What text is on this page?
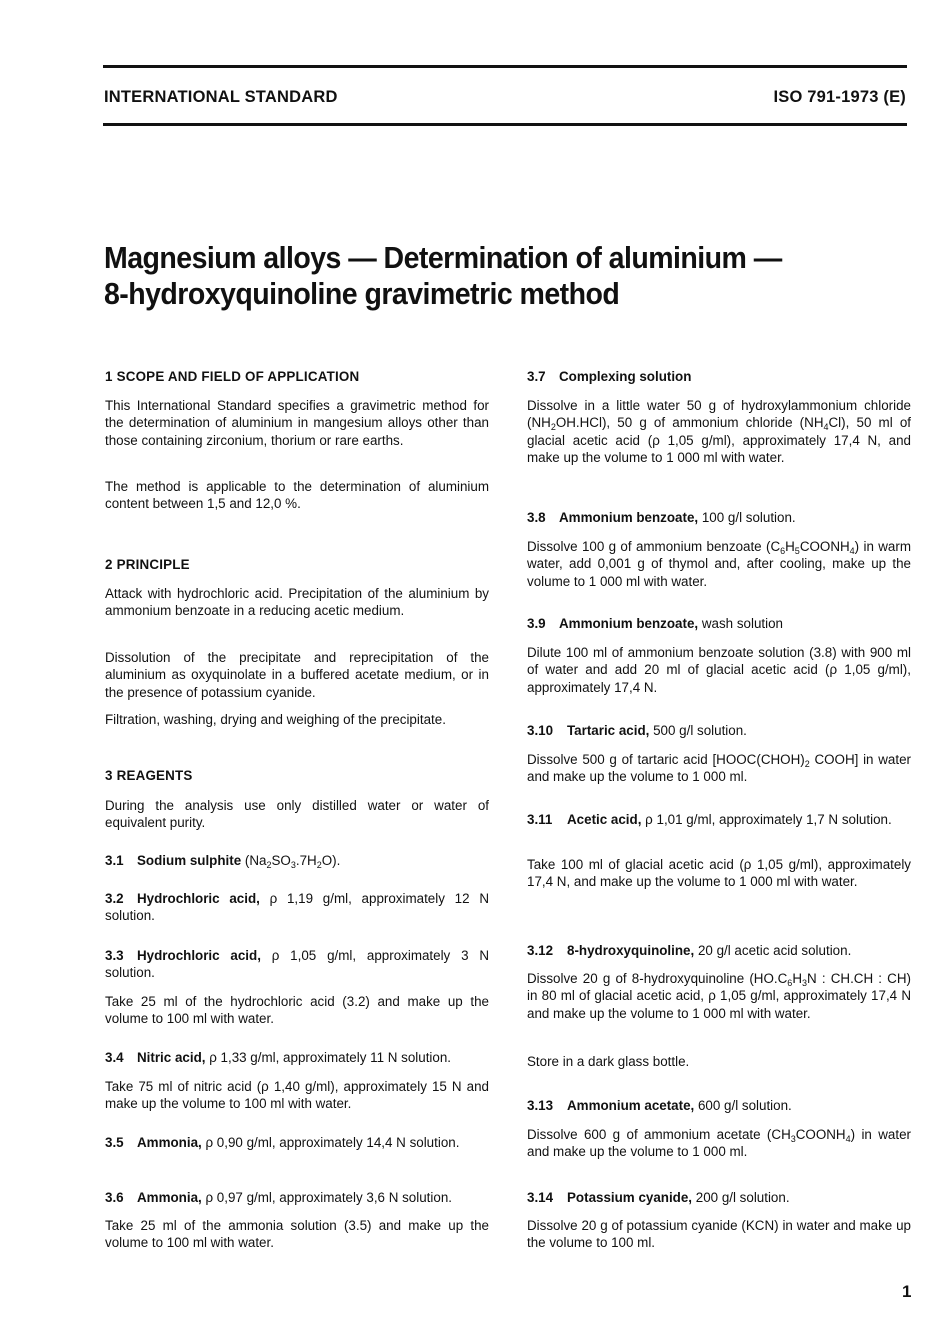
INTERNATIONAL STANDARD	ISO 791-1973 (E)
Magnesium alloys — Determination of aluminium —
8-hydroxyquinoline gravimetric method
1 SCOPE AND FIELD OF APPLICATION

This International Standard specifies a gravimetric method for the determination of aluminium in mangesium alloys other than those containing zirconium, thorium or rare earths.

The method is applicable to the determination of aluminium content between 1,5 and 12,0 %.

2 PRINCIPLE

Attack with hydrochloric acid. Precipitation of the aluminium by ammonium benzoate in a reducing acetic medium.

Dissolution of the precipitate and reprecipitation of the aluminium as oxyquinolate in a buffered acetate medium, or in the presence of potassium cyanide.

Filtration, washing, drying and weighing of the precipitate.

3 REAGENTS

During the analysis use only distilled water or water of equivalent purity.

3.1 Sodium sulphite $(Na_2SO_3.7H_2O)$.

3.2 Hydrochloric acid, ρ 1,19 g/ml, approximately 12 N solution.

3.3 Hydrochloric acid, ρ 1,05 g/ml, approximately 3 N solution.

Take 25 ml of the hydrochloric acid (3.2) and make up the volume to 100 ml with water.

3.4 Nitric acid, ρ 1,33 g/ml, approximately 11 N solution.

Take 75 ml of nitric acid (ρ 1,40 g/ml), approximately 15 N and make up the volume to 100 ml with water.

3.5 Ammonia, ρ 0,90 g/ml, approximately 14,4 N solution.

3.6 Ammonia, ρ 0,97 g/ml, approximately 3,6 N solution.

Take 25 ml of the ammonia solution (3.5) and make up the volume to 100 ml with water.

3.7 Complexing solution

Dissolve in a little water 50 g of hydroxylammonium chloride $(NH_2OH.HCl)$, 50 g of ammonium chloride $(NH_4Cl)$, 50 ml of glacial acetic acid (ρ 1,05 g/ml), approximately 17,4 N, and make up the volume to 1 000 ml with water.

3.8 Ammonium benzoate, 100 g/l solution.

Dissolve 100 g of ammonium benzoate $(C_6H_5COONH_4)$ in warm water, add 0,001 g of thymol and, after cooling, make up the volume to 1 000 ml with water.

3.9 Ammonium benzoate, wash solution

Dilute 100 ml of ammonium benzoate solution (3.8) with 900 ml of water and add 20 ml of glacial acetic acid (ρ 1,05 g/ml), approximately 17,4 N.

3.10 Tartaric acid, 500 g/l solution.

Dissolve 500 g of tartaric acid [$HOOC(CHOH)_2$ COOH] in water and make up the volume to 1 000 ml.

3.11 Acetic acid, ρ 1,01 g/ml, approximately 1,7 N solution.

Take 100 ml of glacial acetic acid (ρ 1,05 g/ml), approximately 17,4 N, and make up the volume to 1 000 ml with water.

3.12 8-hydroxyquinoline, 20 g/l acetic acid solution.

Dissolve 20 g of 8-hydroxyquinoline ($HO.C_6H_3N$ : CH.CH : CH) in 80 ml of glacial acetic acid, ρ 1,05 g/ml, approximately 17,4 N and make up the volume to 1 000 ml with water.

Store in a dark glass bottle.

3.13 Ammonium acetate, 600 g/l solution.

Dissolve 600 g of ammonium acetate $(CH_3COONH_4)$ in water and make up the volume to 1 000 ml.

3.14 Potassium cyanide, 200 g/l solution.

Dissolve 20 g of potassium cyanide (KCN) in water and make up the volume to 100 ml.

1
